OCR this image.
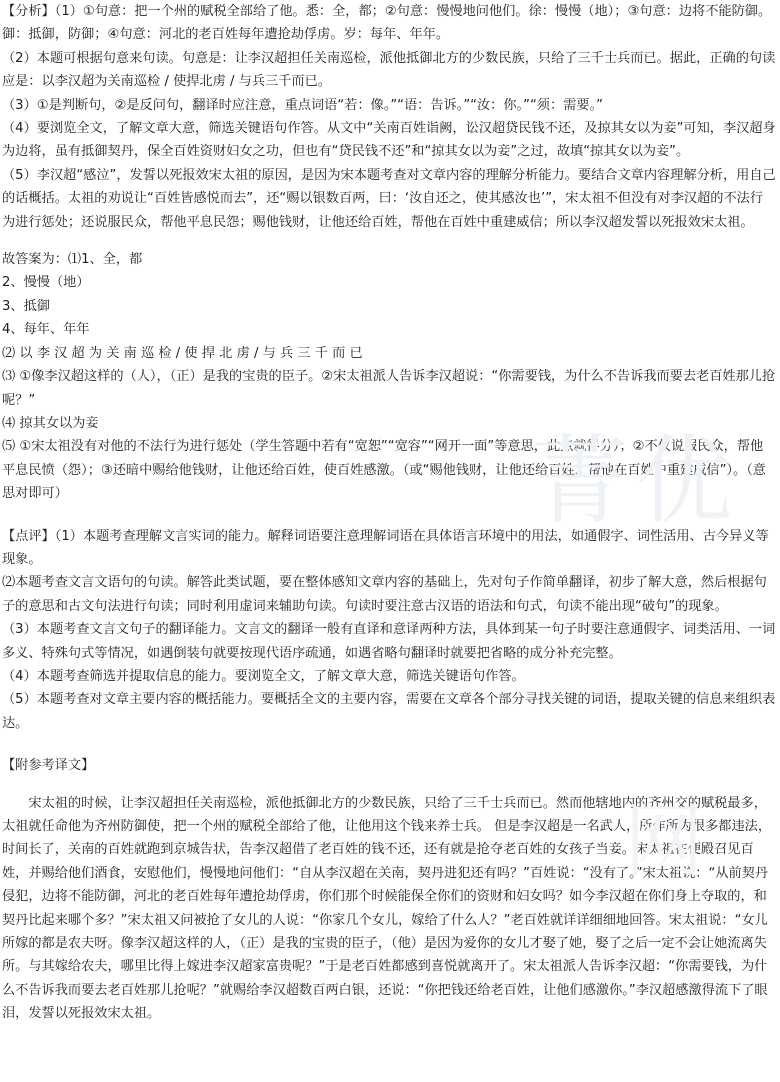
菁优
网

【分析】（1）①句意：把一个州的赋税全部给了他。悉：全，都；②句意：慢慢地问他们。徐：慢慢（地）；③句意：边将不能防御。御：抵御，防御；④句意：河北的老百姓每年遭抢劫俘虏。岁：每年、年年。

（2）本题可根据句意来句读。句意是：让李汉超担任关南巡检，派他抵御北方的少数民族，只给了三千士兵而已。据此，正确的句读应是：以李汉超为关南巡检 / 使捍北虏 / 与兵三千而已。

（3）①是判断句，②是反问句，翻译时应注意，重点词语“若：像。”“语：告诉。”“汝：你。”“须：需要。”

（4）要浏览全文，了解文章大意，筛选关键语句作答。从文中“关南百姓诣阙，讼汉超贷民钱不还，及掠其女以为妾”可知，李汉超身为边将，虽有抵御契丹，保全百姓资财妇女之功，但也有“贷民钱不还”和“掠其女以为妾”之过，故填“掠其女以为妾”。

（5）李汉超“感泣”，发誓以死报效宋太祖的原因，是因为宋本题考查对文章内容的理解分析能力。要结合文章内容理解分析，用自己的话概括。太祖的劝说让“百姓皆感悦而去”，还“赐以银数百两，曰：‘汝自还之，使其感汝也’”，宋太祖不但没有对李汉超的不法行为进行惩处；还说服民众，帮他平息民怨；赐他钱财，让他还给百姓，帮他在百姓中重建威信；所以李汉超发誓以死报效宋太祖。

故答案为：⑴1、全，都

2、慢慢（地）

3、抵御

4、每年、年年

⑵ 以 李 汉 超 为 关 南 巡 检 / 使 捍 北 虏 / 与 兵 三 千 而 已

⑶ ①像李汉超这样的（人），（正）是我的宝贵的臣子。②宋太祖派人告诉李汉超说：“你需要钱，为什么不告诉我而要去老百姓那儿抢呢？”

⑷ 掠其女以为妾

⑸ ①宋太祖没有对他的不法行为进行惩处（学生答题中若有“宽恕”“宽容”“网开一面”等意思，此点就得分）；②不仅说服民众，帮他平息民愤（怨）；③还暗中赐给他钱财，让他还给百姓，使百姓感激。（或“赐他钱财，让他还给百姓，帮他在百姓中重建威信”）。（意思对即可）

【点评】（1）本题考查理解文言实词的能力。解释词语要注意理解词语在具体语言环境中的用法，如通假字、词性活用、古今异义等现象。

⑵本题考查文言文语句的句读。解答此类试题，要在整体感知文章内容的基础上，先对句子作简单翻译，初步了解大意，然后根据句子的意思和古文句法进行句读；同时利用虚词来辅助句读。句读时要注意古汉语的语法和句式，句读不能出现“破句”的现象。

（3）本题考查文言文句子的翻译能力。文言文的翻译一般有直译和意译两种方法，具体到某一句子时要注意通假字、词类活用、一词多义、特殊句式等情况，如遇倒装句就要按现代语序疏通，如遇省略句翻译时就要把省略的成分补充完整。

（4）本题考查筛选并提取信息的能力。要浏览全文，了解文章大意，筛选关键语句作答。

（5）本题考查对文章主要内容的概括能力。要概括全文的主要内容，需要在文章各个部分寻找关键的词语，提取关键的信息来组织表达。

【附参考译文】

宋太祖的时候，让李汉超担任关南巡检，派他抵御北方的少数民族，只给了三千士兵而已。然而他辖地内的齐州交的赋税最多，太祖就任命他为齐州防御使，把一个州的赋税全部给了他，让他用这个钱来养士兵。 但是李汉超是一名武人，所作所为很多都违法，时间长了，关南的百姓就跑到京城告状，告李汉超借了老百姓的钱不还，还有就是抢夺老百姓的女孩子当妾。宋太祖在便殿召见百姓，并赐给他们酒食，安慰他们，慢慢地问他们：“自从李汉超在关南，契丹进犯还有吗？”百姓说：“没有了。”宋太祖说：“从前契丹侵犯，边将不能防御，河北的老百姓每年遭抢劫俘虏，你们那个时候能保全你们的资财和妇女吗？如今李汉超在你们身上夺取的，和契丹比起来哪个多？”宋太祖又问被抢了女儿的人说：“你家几个女儿，嫁给了什么人？”老百姓就详详细细地回答。宋太祖说：“女儿所嫁的都是农夫呀。像李汉超这样的人，（正）是我的宝贵的臣子，（他）是因为爱你的女儿才娶了她，娶了之后一定不会让她流离失所。与其嫁给农夫，哪里比得上嫁进李汉超家富贵呢？”于是老百姓都感到喜悦就离开了。宋太祖派人告诉李汉超：“你需要钱，为什么不告诉我而要去老百姓那儿抢呢？”就赐给李汉超数百两白银，还说：“你把钱还给老百姓，让他们感激你。”李汉超感激得流下了眼泪，发誓以死报效宋太祖。
